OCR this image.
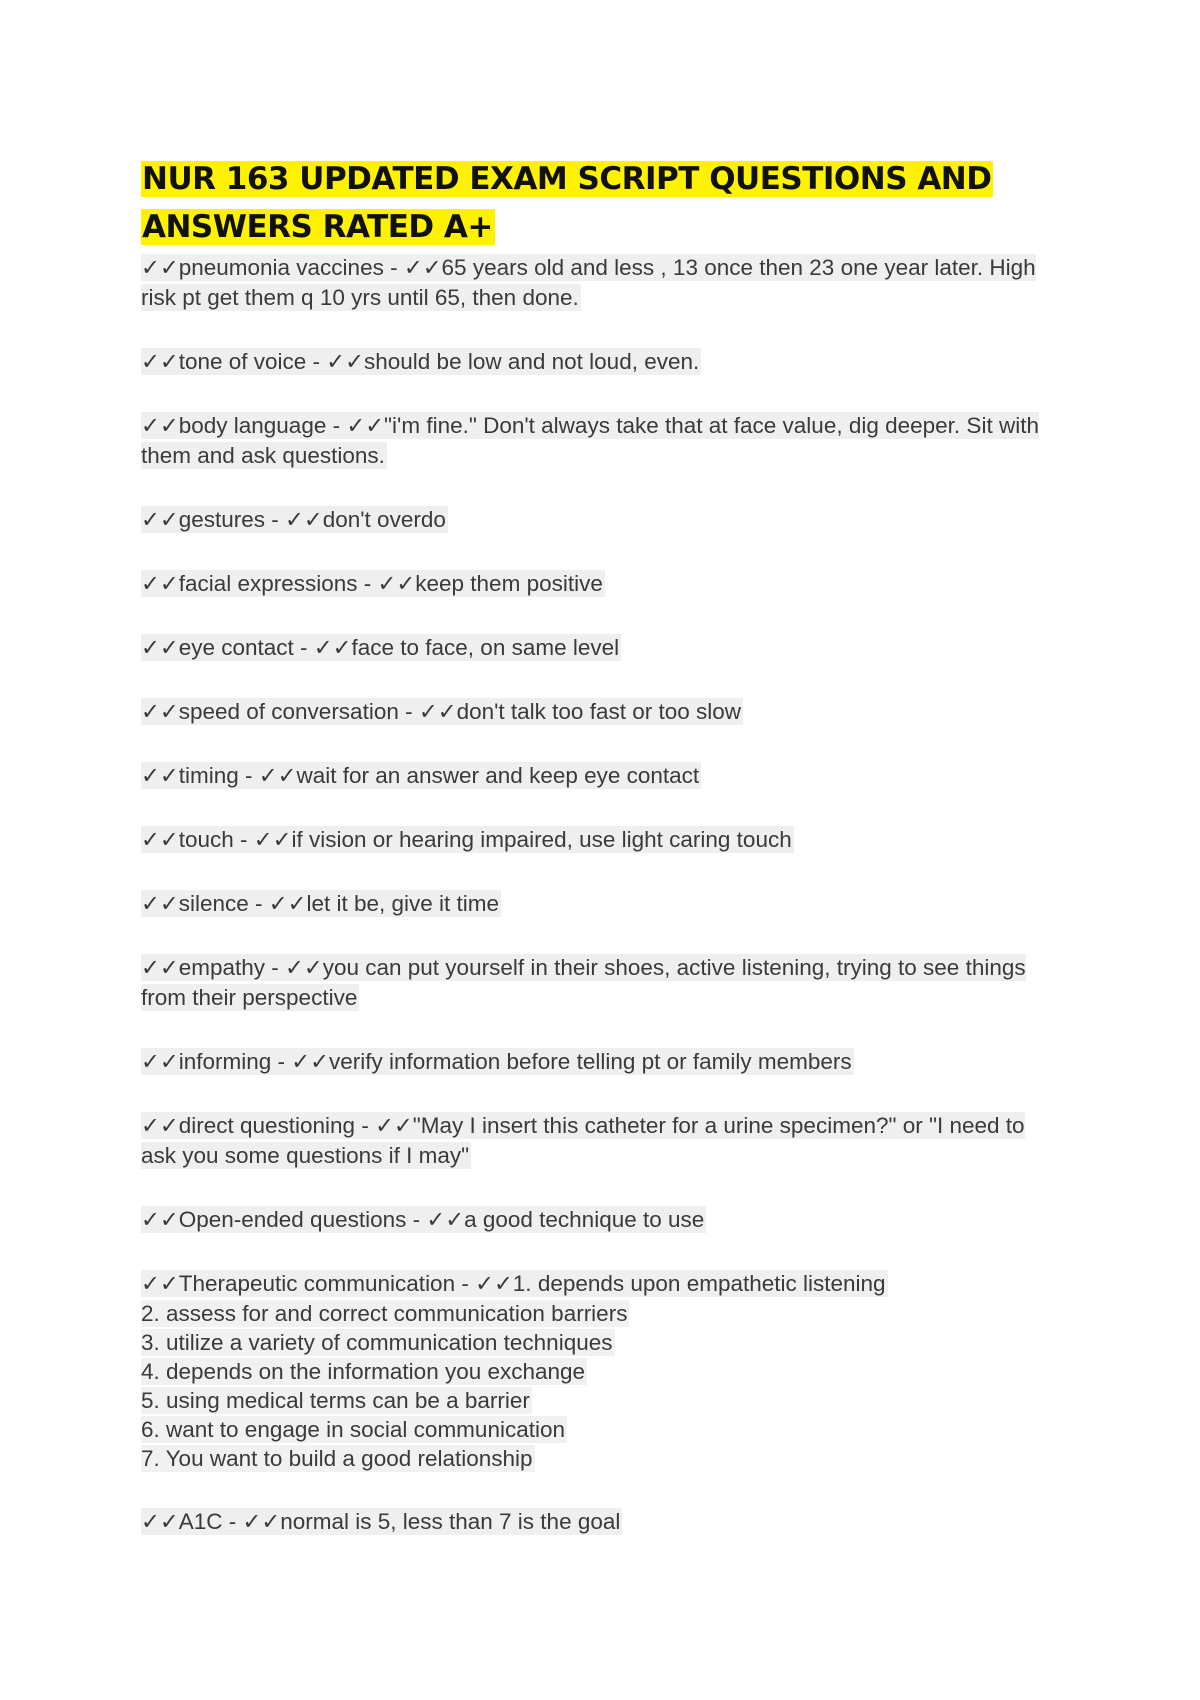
NUR 163 UPDATED EXAM SCRIPT QUESTIONS AND
ANSWERS RATED A+
✓✓pneumonia vaccines - ✓✓65 years old and less , 13 once then 23 one year later. High risk pt get them q 10 yrs until 65, then done.
✓✓tone of voice - ✓✓should be low and not loud, even.
✓✓body language - ✓✓"i'm fine." Don't always take that at face value, dig deeper. Sit with them and ask questions.
✓✓gestures - ✓✓don't overdo
✓✓facial expressions - ✓✓keep them positive
✓✓eye contact - ✓✓face to face, on same level
✓✓speed of conversation - ✓✓don't talk too fast or too slow
✓✓timing - ✓✓wait for an answer and keep eye contact
✓✓touch - ✓✓if vision or hearing impaired, use light caring touch
✓✓silence - ✓✓let it be, give it time
✓✓empathy - ✓✓you can put yourself in their shoes, active listening, trying to see things from their perspective
✓✓informing - ✓✓verify information before telling pt or family members
✓✓direct questioning - ✓✓"May I insert this catheter for a urine specimen?" or "I need to ask you some questions if I may"
✓✓Open-ended questions - ✓✓a good technique to use
✓✓Therapeutic communication - ✓✓1. depends upon empathetic listening
2. assess for and correct communication barriers
3. utilize a variety of communication techniques
4. depends on the information you exchange
5. using medical terms can be a barrier
6. want to engage in social communication
7. You want to build a good relationship
✓✓A1C - ✓✓normal is 5, less than 7 is the goal
